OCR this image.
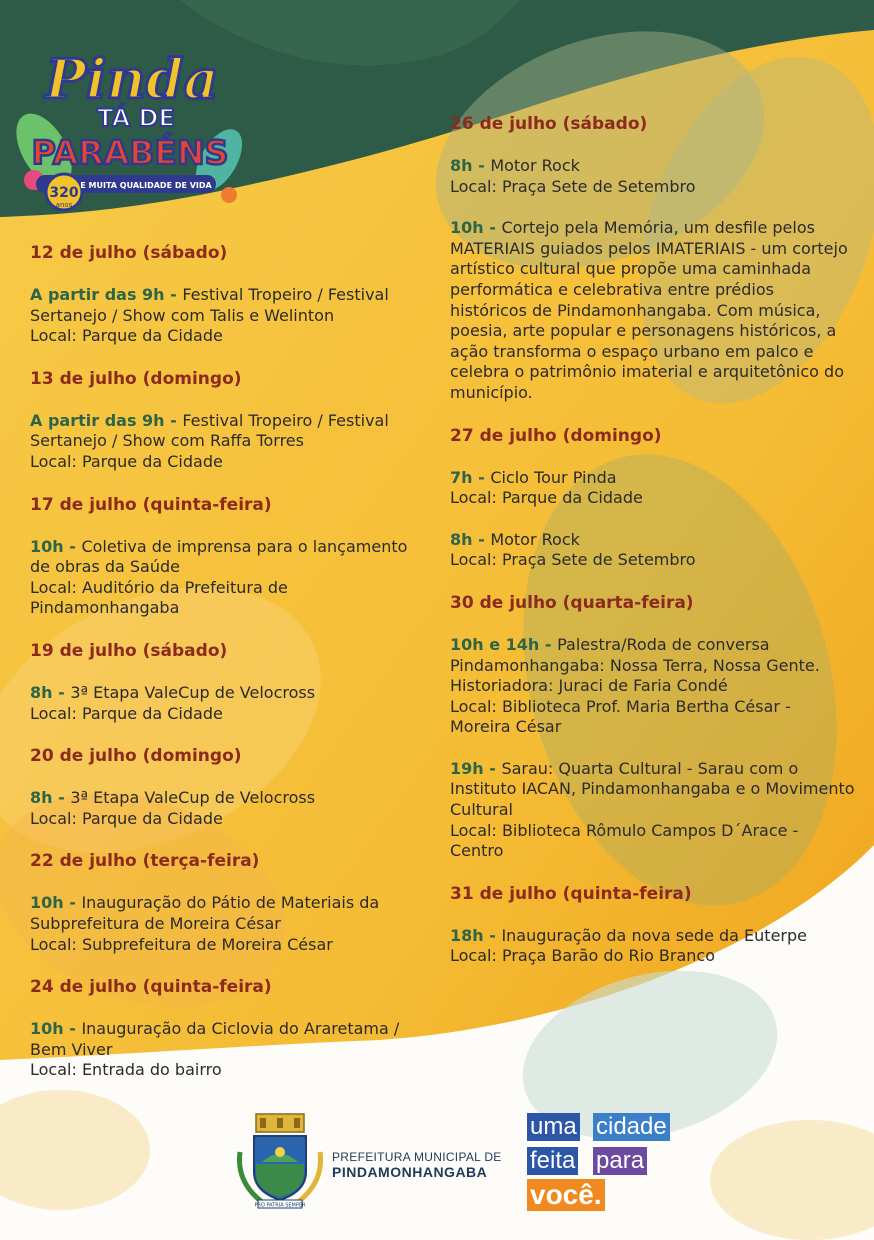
320
anos
E MUITA QUALIDADE DE VIDA
Pinda
TÁ DE
PARABÉNS
12 de julho (sábado)

A partir das 9h - Festival Tropeiro / Festival Sertanejo / Show com Talis e Welinton

Local: Parque da Cidade

13 de julho (domingo)

A partir das 9h - Festival Tropeiro / Festival Sertanejo / Show com Raffa Torres

Local: Parque da Cidade

17 de julho (quinta-feira)

10h - Coletiva de imprensa para o lançamento de obras da Saúde

Local: Auditório da Prefeitura de Pindamonhangaba

19 de julho (sábado)

8h - 3ª Etapa ValeCup de Velocross

Local: Parque da Cidade

20 de julho (domingo)

8h - 3ª Etapa ValeCup de Velocross

Local: Parque da Cidade

22 de julho (terça-feira)

10h - Inauguração do Pátio de Materiais da Subprefeitura de Moreira César

Local: Subprefeitura de Moreira César

24 de julho (quinta-feira)

10h - Inauguração da Ciclovia do Araretama / Bem Viver

Local: Entrada do bairro

26 de julho (sábado)

8h - Motor Rock

Local: Praça Sete de Setembro

10h - Cortejo pela Memória, um desfile pelos MATERIAIS guiados pelos IMATERIAIS - um cortejo artístico cultural que propõe uma caminhada performática e celebrativa entre prédios históricos de Pindamonhangaba. Com música, poesia, arte popular e personagens históricos, a ação transforma o espaço urbano em palco e celebra o patrimônio imaterial e arquitetônico do município.

27 de julho (domingo)

7h - Ciclo Tour Pinda

Local: Parque da Cidade

8h - Motor Rock

Local: Praça Sete de Setembro

30 de julho (quarta-feira)

10h e 14h - Palestra/Roda de conversa Pindamonhangaba: Nossa Terra, Nossa Gente.

Historiadora: Juraci de Faria Condé

Local: Biblioteca Prof. Maria Bertha César - Moreira César

19h - Sarau: Quarta Cultural - Sarau com o Instituto IACAN, Pindamonhangaba e o Movimento Cultural

Local: Biblioteca Rômulo Campos D´Arace - Centro

31 de julho (quinta-feira)

18h - Inauguração da nova sede da Euterpe

Local: Praça Barão do Rio Branco

PRO PATRIA SEMPER
PREFEITURA MUNICIPAL DE
PINDAMONHANGABA
uma cidade
feita para
você.
